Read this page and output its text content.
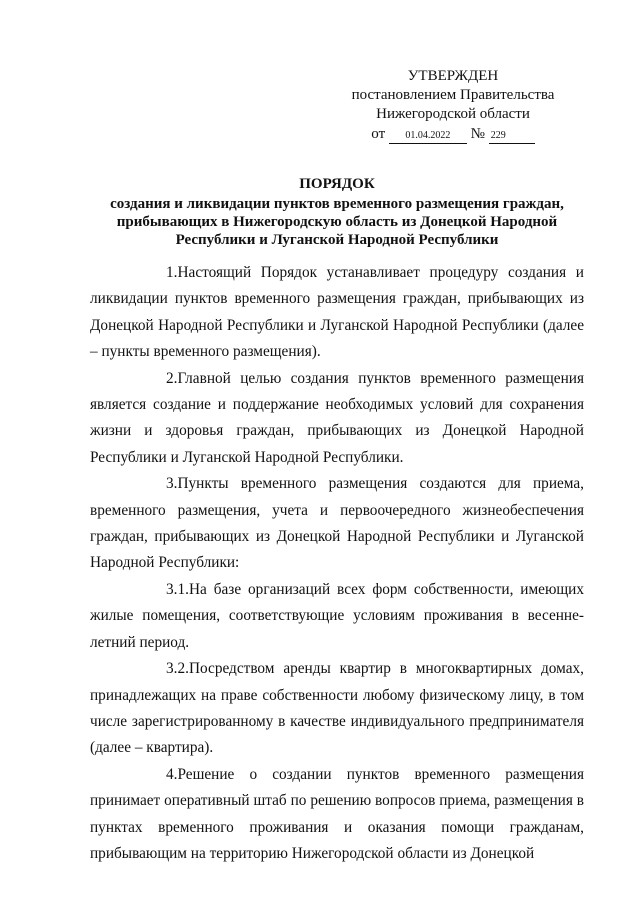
УТВЕРЖДЕН
постановлением Правительства
Нижегородской области
от 01.04.2022 № 229
ПОРЯДОК
создания и ликвидации пунктов временного размещения граждан,
прибывающих в Нижегородскую область из Донецкой Народной
Республики и Луганской Народной Республики

1.Настоящий Порядок устанавливает процедуру создания и ликвидации пунктов временного размещения граждан, прибывающих из Донецкой Народной Республики и Луганской Народной Республики (далее – пункты временного размещения).

2.Главной целью создания пунктов временного размещения является создание и поддержание необходимых условий для сохранения жизни и здоровья граждан, прибывающих из Донецкой Народной Республики и Луганской Народной Республики.

3.Пункты временного размещения создаются для приема, временного размещения, учета и первоочередного жизнеобеспечения граждан, прибывающих из Донецкой Народной Республики и Луганской Народной Республики:

3.1.На базе организаций всех форм собственности, имеющих жилые помещения, соответствующие условиям проживания в весенне-летний период.

3.2.Посредством аренды квартир в многоквартирных домах, принадлежащих на праве собственности любому физическому лицу, в том числе зарегистрированному в качестве индивидуального предпринимателя (далее – квартира).

4.Решение о создании пунктов временного размещения принимает оперативный штаб по решению вопросов приема, размещения в пунктах временного проживания и оказания помощи гражданам, прибывающим на территорию Нижегородской области из Донецкой
